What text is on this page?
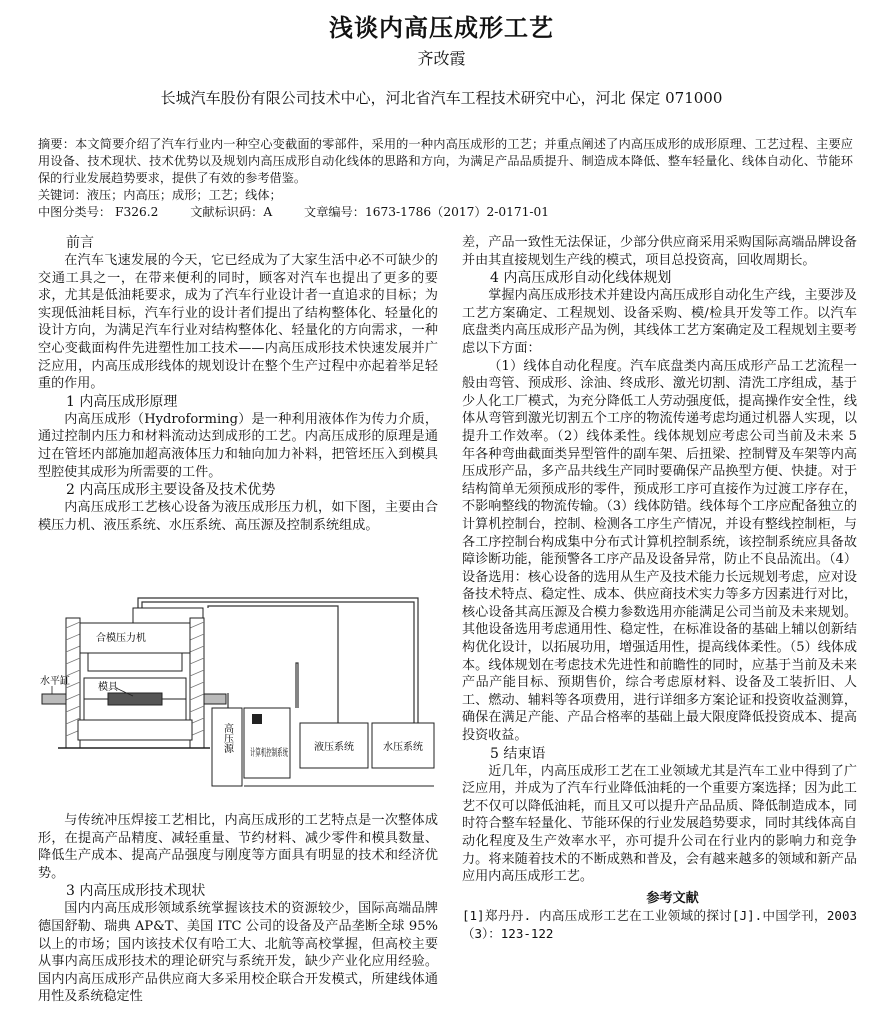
浅谈内高压成形工艺
齐改霞
长城汽车股份有限公司技术中心，河北省汽车工程技术研究中心，河北 保定 071000

摘要：本文简要介绍了汽车行业内一种空心变截面的零部件，采用的一种内高压成形的工艺；并重点阐述了内高压成形的成形原理、工艺过程、主要应用设备、技术现状、技术优势以及规划内高压成形自动化线体的思路和方向，为满足产品品质提升、制造成本降低、整车轻量化、线体自动化、节能环保的行业发展趋势要求，提供了有效的参考借鉴。

关键词：液压；内高压；成形；工艺；线体；

中图分类号： F326.2	文献标识码：A	文章编号：1673-1786（2017）2-0171-01

前言

在汽车飞速发展的今天，它已经成为了大家生活中必不可缺少的交通工具之一，在带来便利的同时，顾客对汽车也提出了更多的要求，尤其是低油耗要求，成为了汽车行业设计者一直追求的目标；为实现低油耗目标，汽车行业的设计者们提出了结构整体化、轻量化的设计方向，为满足汽车行业对结构整体化、轻量化的方向需求，一种空心变截面构件先进塑性加工技术——内高压成形技术快速发展并广泛应用，内高压成形线体的规划设计在整个生产过程中亦起着举足轻重的作用。

1 内高压成形原理

内高压成形（Hydroforming）是一种利用液体作为传力介质，通过控制内压力和材料流动达到成形的工艺。内高压成形的原理是通过在管坯内部施加超高液体压力和轴向加力补料，把管坯压入到模具型腔使其成形为所需要的工件。

2 内高压成形主要设备及技术优势

内高压成形工艺核心设备为液压成形压力机，如下图，主要由合模压力机、液压系统、水压系统、高压源及控制系统组成。

合模压力机
模具
水平缸
高压源
计算机控制系统
液压系统	水压系统

与传统冲压焊接工艺相比，内高压成形的工艺特点是一次整体成形，在提高产品精度、减轻重量、节约材料、减少零件和模具数量、降低生产成本、提高产品强度与刚度等方面具有明显的技术和经济优势。

3 内高压成形技术现状

国内内高压成形领域系统掌握该技术的资源较少，国际高端品牌德国舒勒、瑞典 AP&T、美国 ITC 公司的设备及产品垄断全球 95%以上的市场；国内该技术仅有哈工大、北航等高校掌握，但高校主要从事内高压成形技术的理论研究与系统开发，缺少产业化应用经验。国内内高压成形产品供应商大多采用校企联合开发模式，所建线体通用性及系统稳定性

差，产品一致性无法保证，少部分供应商采用采购国际高端品牌设备并由其直接规划生产线的模式，项目总投资高，回收周期长。

4 内高压成形自动化线体规划

掌握内高压成形技术并建设内高压成形自动化生产线，主要涉及工艺方案确定、工程规划、设备采购、模/检具开发等工作。以汽车底盘类内高压成形产品为例，其线体工艺方案确定及工程规划主要考虑以下方面：

（1）线体自动化程度。汽车底盘类内高压成形产品工艺流程一般由弯管、预成形、涂油、终成形、激光切割、清洗工序组成，基于少人化工厂模式，为充分降低工人劳动强度低，提高操作安全性，线体从弯管到激光切割五个工序的物流传递考虑均通过机器人实现，以提升工作效率。（2）线体柔性。线体规划应考虑公司当前及未来 5 年各种弯曲截面类异型管件的副车架、后扭梁、控制臂及车架等内高压成形产品，多产品共线生产同时要确保产品换型方便、快捷。对于结构简单无须预成形的零件，预成形工序可直接作为过渡工序存在，不影响整线的物流传输。（3）线体防错。线体每个工序应配备独立的计算机控制台，控制、检测各工序生产情况，并设有整线控制柜，与各工序控制台构成集中分布式计算机控制系统，该控制系统应具备故障诊断功能，能预警各工序产品及设备异常，防止不良品流出。（4）设备选用：核心设备的选用从生产及技术能力长远规划考虑，应对设备技术特点、稳定性、成本、供应商技术实力等多方因素进行对比，核心设备其高压源及合模力参数选用亦能满足公司当前及未来规划。其他设备选用考虑通用性、稳定性，在标准设备的基础上辅以创新结构优化设计，以拓展功用，增强适用性，提高线体柔性。（5）线体成本。线体规划在考虑技术先进性和前瞻性的同时，应基于当前及未来产品产能目标、预期售价，综合考虑原材料、设备及工装折旧、人工、燃动、辅料等各项费用，进行详细多方案论证和投资收益测算，确保在满足产能、产品合格率的基础上最大限度降低投资成本、提高投资收益。

5 结束语

近几年，内高压成形工艺在工业领域尤其是汽车工业中得到了广泛应用，并成为了汽车行业降低油耗的一个重要方案选择；因为此工艺不仅可以降低油耗，而且又可以提升产品品质、降低制造成本，同时符合整车轻量化、节能环保的行业发展趋势要求，同时其线体高自动化程度及生产效率水平，亦可提升公司在行业内的影响力和竞争力。将来随着技术的不断成熟和普及，会有越来越多的领域和新产品应用内高压成形工艺。

参考文献

[1]郑丹丹. 内高压成形工艺在工业领域的探讨[J].中国学刊，2003（3）：123-122
